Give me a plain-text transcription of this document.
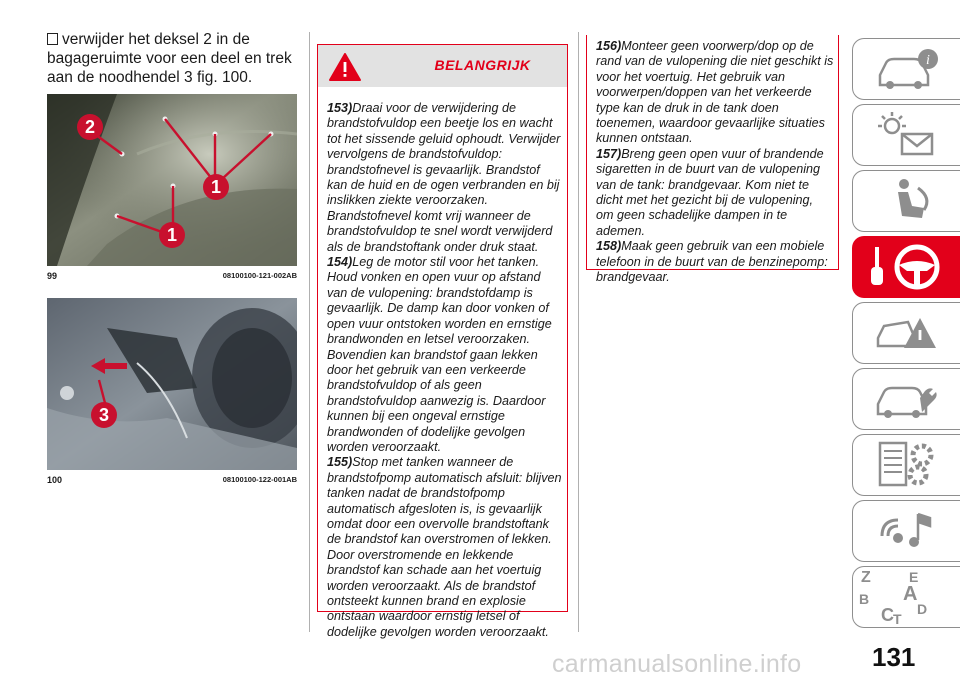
verwijder het deksel 2 in de bagageruimte voor een deel en trek aan de noodhendel 3 fig. 100.
2
1
1
99	08100100-121-002AB
3
100	08100100-122-001AB
BELANGRIJK
153)Draai voor de verwijdering de brandstofvuldop een beetje los en wacht tot het sissende geluid ophoudt. Verwijder vervolgens de brandstofvuldop: brandstofnevel is gevaarlijk. Brandstof kan de huid en de ogen verbranden en bij inslikken ziekte veroorzaken. Brandstofnevel komt vrij wanneer de brandstofvuldop te snel wordt verwijderd als de brandstoftank onder druk staat.
154)Leg de motor stil voor het tanken. Houd vonken en open vuur op afstand van de vulopening: brandstofdamp is gevaarlijk. De damp kan door vonken of open vuur ontstoken worden en ernstige brandwonden en letsel veroorzaken. Bovendien kan brandstof gaan lekken door het gebruik van een verkeerde brandstofvuldop of als geen brandstofvuldop aanwezig is. Daardoor kunnen bij een ongeval ernstige brandwonden of dodelijke gevolgen worden veroorzaakt.
155)Stop met tanken wanneer de brandstofpomp automatisch afsluit: blijven tanken nadat de brandstofpomp automatisch afgesloten is, is gevaarlijk omdat door een overvolle brandstoftank de brandstof kan overstromen of lekken. Door overstromende en lekkende brandstof kan schade aan het voertuig worden veroorzaakt. Als de brandstof ontsteekt kunnen brand en explosie ontstaan waardoor ernstig letsel of dodelijke gevolgen worden veroorzaakt.
156)Monteer geen voorwerp/dop op de rand van de vulopening die niet geschikt is voor het voertuig. Het gebruik van voorwerpen/doppen van het verkeerde type kan de druk in de tank doen toenemen, waardoor gevaarlijke situaties kunnen ontstaan.
157)Breng geen open vuur of brandende sigaretten in de buurt van de vulopening van de tank: brandgevaar. Kom niet te dicht met het gezicht bij de vulopening, om geen schadelijke dampen in te ademen.
158)Maak geen gebruik van een mobiele telefoon in de buurt van de benzinepomp: brandgevaar.
i
Z	E
A
B
C T
D
131
carmanualsonline.info
